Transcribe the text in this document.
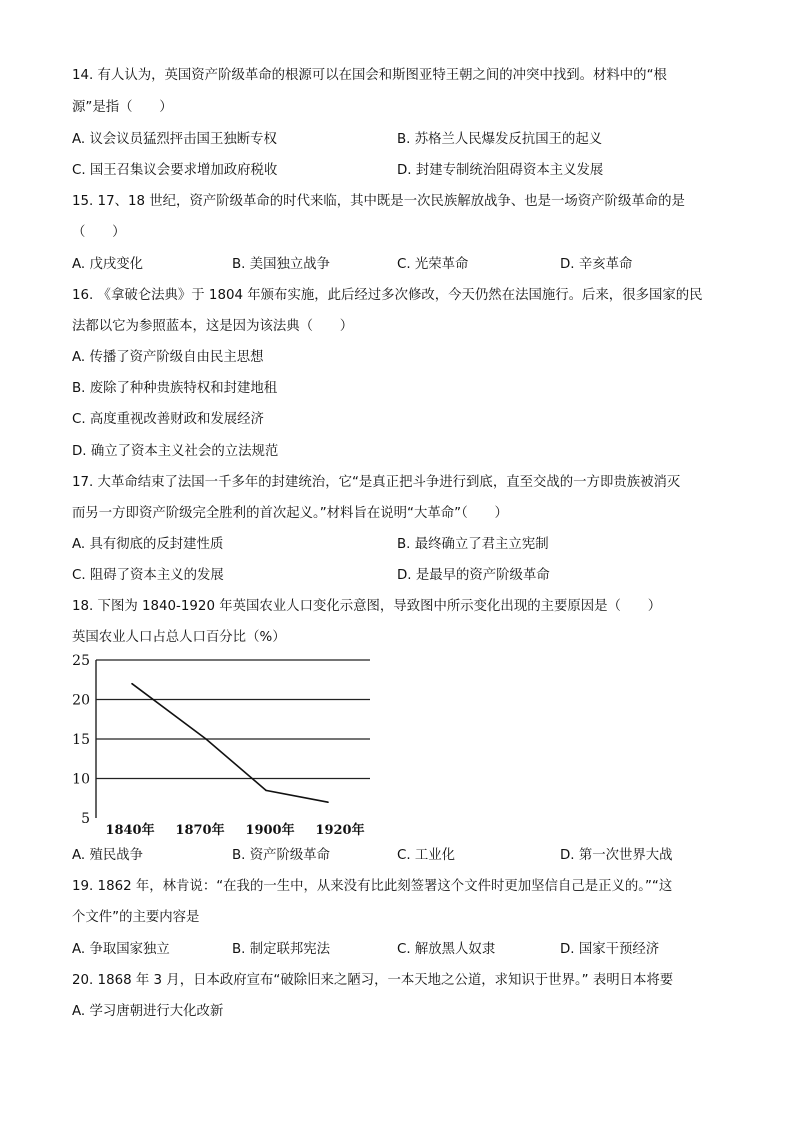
14. 有人认为，英国资产阶级革命的根源可以在国会和斯图亚特王朝之间的冲突中找到。材料中的“根
源”是指（　　）
A. 议会议员猛烈抨击国王独断专权	B. 苏格兰人民爆发反抗国王的起义
C. 国王召集议会要求增加政府税收	D. 封建专制统治阻碍资本主义发展
15. 17、18 世纪，资产阶级革命的时代来临，其中既是一次民族解放战争、也是一场资产阶级革命的是
（　　）
A. 戊戌变化	B. 美国独立战争	C. 光荣革命	D. 辛亥革命
16. 《拿破仑法典》于 1804 年颁布实施，此后经过多次修改，今天仍然在法国施行。后来，很多国家的民
法都以它为参照蓝本，这是因为该法典（　　）
A. 传播了资产阶级自由民主思想
B. 废除了种种贵族特权和封建地租
C. 高度重视改善财政和发展经济
D. 确立了资本主义社会的立法规范
17. 大革命结束了法国一千多年的封建统治，它“是真正把斗争进行到底，直至交战的一方即贵族被消灭
而另一方即资产阶级完全胜利的首次起义。”材料旨在说明“大革命”（　　）
A. 具有彻底的反封建性质	B. 最终确立了君主立宪制
C. 阻碍了资本主义的发展	D. 是最早的资产阶级革命
18. 下图为 1840-1920 年英国农业人口变化示意图，导致图中所示变化出现的主要原因是（　　）
英国农业人口占总人口百分比（%）
5
10
15
20
25
1840年 1870年 1900年 1920年
A. 殖民战争	B. 资产阶级革命	C. 工业化	D. 第一次世界大战
19. 1862 年，林肯说：“在我的一生中，从来没有比此刻签署这个文件时更加坚信自己是正义的。”“这
个文件”的主要内容是
A. 争取国家独立	B. 制定联邦宪法	C. 解放黑人奴隶	D. 国家干预经济
20. 1868 年 3 月，日本政府宣布“破除旧来之陋习，一本天地之公道，求知识于世界。” 表明日本将要
A. 学习唐朝进行大化改新
